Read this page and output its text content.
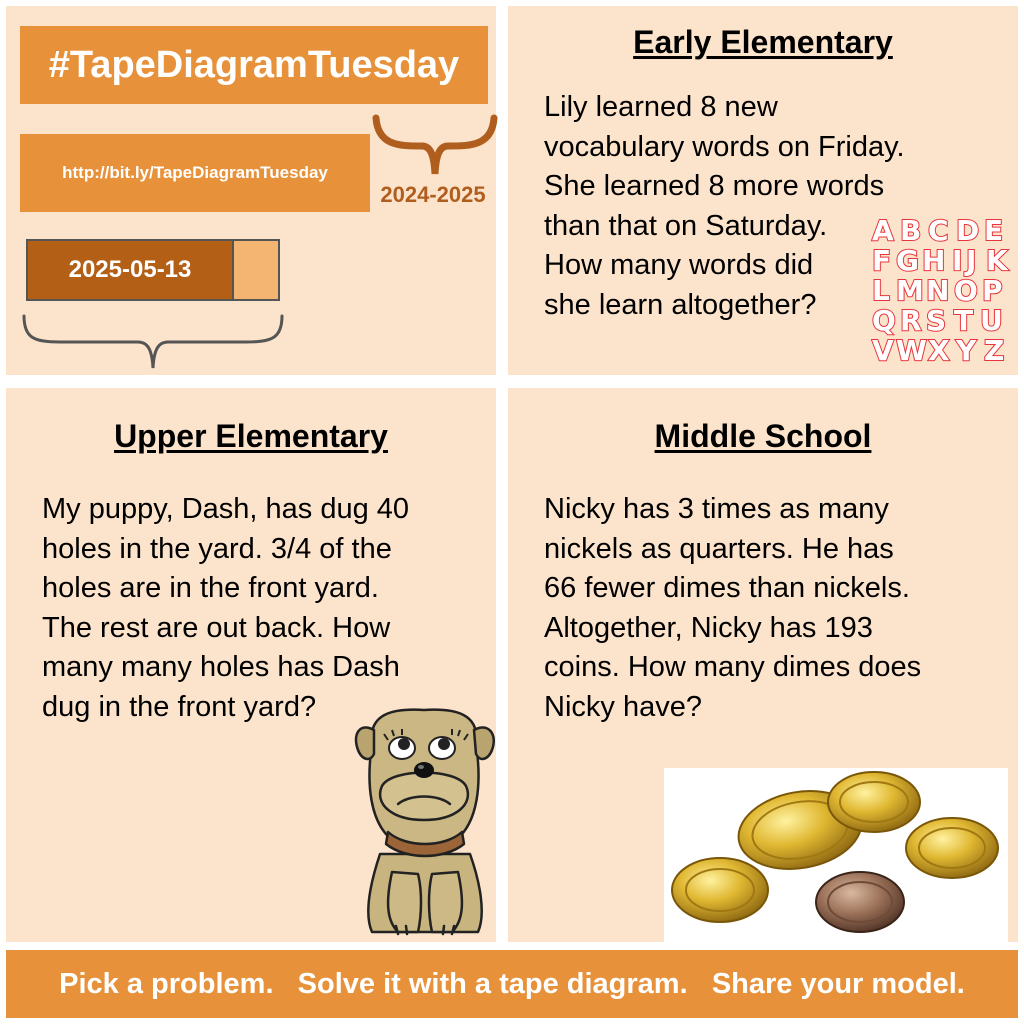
#TapeDiagramTuesday
http://bit.ly/TapeDiagramTuesday
2024-2025
2025-05-13
Early Elementary
Lily learned 8 new
vocabulary words on Friday.
She learned 8 more words
than that on Saturday.
How many words did
she learn altogether?
A B C D E
F G H I J K
L M N O P
Q R S T U
V W X Y Z
Upper Elementary
My puppy, Dash, has dug 40
holes in the yard. 3/4 of the
holes are in the front yard.
The rest are out back. How
many many holes has Dash
dug in the front yard?
Middle School
Nicky has 3 times as many
nickels as quarters. He has
66 fewer dimes than nickels.
Altogether, Nicky has 193
coins. How many dimes does
Nicky have?
Pick a problem.   Solve it with a tape diagram.   Share your model.
